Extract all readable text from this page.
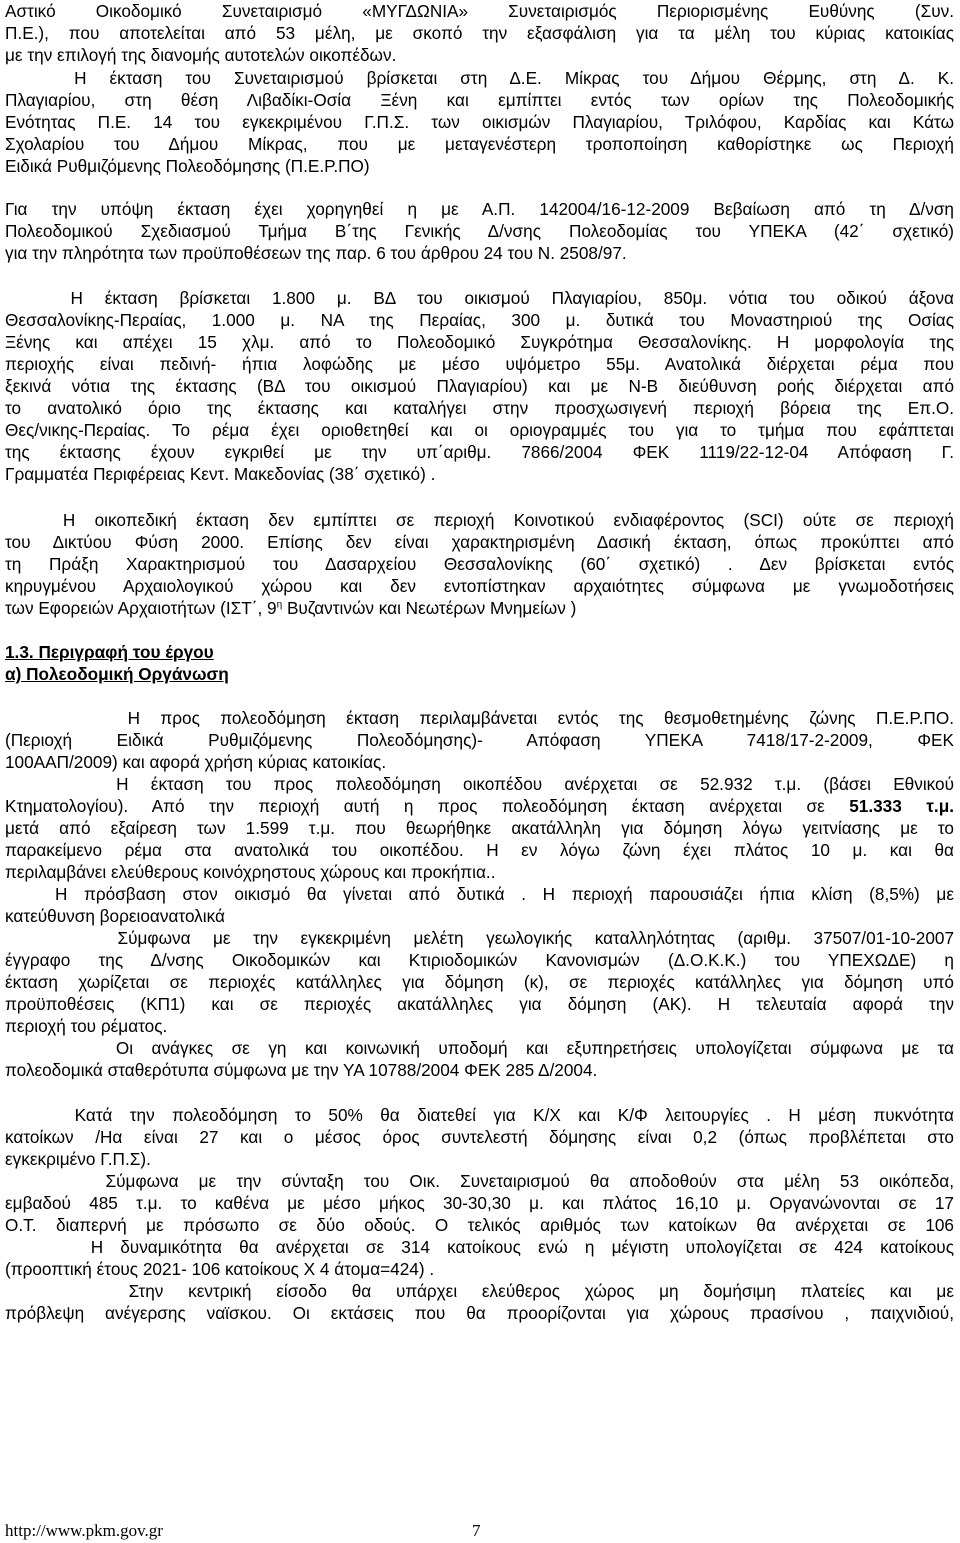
Αστικό Οικοδομικό Συνεταιρισμό «ΜΥΓΔΩΝΙΑ» Συνεταιρισμός Περιορισμένης Ευθύνης (Συν.
Π.Ε.), που αποτελείται από 53 μέλη, με σκοπό την εξασφάλιση για τα μέλη του κύριας κατοικίας
με την επιλογή της διανομής αυτοτελών οικοπέδων.
Η έκταση του Συνεταιρισμού βρίσκεται στη Δ.Ε. Μίκρας του Δήμου Θέρμης, στη Δ. Κ.
Πλαγιαρίου, στη θέση Λιβαδίκι-Οσία Ξένη και εμπίπτει εντός των ορίων της Πολεοδομικής
Ενότητας Π.Ε. 14 του εγκεκριμένου Γ.Π.Σ. των οικισμών Πλαγιαρίου, Τριλόφου, Καρδίας και Κάτω
Σχολαρίου του Δήμου Μίκρας, που με μεταγενέστερη τροποποίηση καθορίστηκε ως Περιοχή
Ειδικά Ρυθμιζόμενης Πολεοδόμησης (Π.Ε.Ρ.ΠΟ)
Για την υπόψη έκταση έχει χορηγηθεί η με Α.Π. 142004/16-12-2009 Βεβαίωση από τη Δ/νση
Πολεοδομικού Σχεδιασμού Τμήμα Β΄της Γενικής Δ/νσης Πολεοδομίας του ΥΠΕΚΑ (42΄ σχετικό)
για την πληρότητα των προϋποθέσεων της παρ. 6 του άρθρου 24 του Ν. 2508/97.
Η έκταση βρίσκεται 1.800 μ. ΒΔ του οικισμού Πλαγιαρίου, 850μ. νότια του οδικού άξονα
Θεσσαλονίκης-Περαίας, 1.000 μ. ΝΑ της Περαίας, 300 μ. δυτικά του Μοναστηριού της Οσίας
Ξένης και απέχει 15 χλμ. από το Πολεοδομικό Συγκρότημα Θεσσαλονίκης. Η μορφολογία της
περιοχής είναι πεδινή- ήπια λοφώδης με μέσο υψόμετρο 55μ. Ανατολικά διέρχεται ρέμα που
ξεκινά νότια της έκτασης (ΒΔ του οικισμού Πλαγιαρίου) και με Ν-Β διεύθυνση ροής διέρχεται από
το ανατολικό όριο της έκτασης και καταλήγει στην προσχωσιγενή περιοχή βόρεια της Επ.Ο.
Θες/νικης-Περαίας. Το ρέμα έχει οριοθετηθεί και οι οριογραμμές του για το τμήμα που εφάπτεται
της έκτασης έχουν εγκριθεί με την υπ΄αριθμ. 7866/2004 ΦΕΚ 1119/22-12-04 Απόφαση Γ.
Γραμματέα Περιφέρειας Κεντ. Μακεδονίας (38΄ σχετικό) .
Η οικοπεδική έκταση δεν εμπίπτει σε περιοχή Κοινοτικού ενδιαφέροντος (SCI) ούτε σε περιοχή
του Δικτύου Φύση 2000. Επίσης δεν είναι χαρακτηρισμένη Δασική έκταση, όπως προκύπτει από
τη Πράξη Χαρακτηρισμού του Δασαρχείου Θεσσαλονίκης (60΄ σχετικό) . Δεν βρίσκεται εντός
κηρυγμένου Αρχαιολογικού χώρου και δεν εντοπίστηκαν αρχαιότητες σύμφωνα με γνωμοδοτήσεις
των Εφορειών Αρχαιοτήτων (ΙΣΤ΄, $9^\eta$ Βυζαντινών και Νεωτέρων Μνημείων )
1.3. Περιγραφή του έργου
α) Πολεοδομική Οργάνωση
Η προς πολεοδόμηση έκταση περιλαμβάνεται εντός της θεσμοθετημένης ζώνης Π.Ε.Ρ.ΠΟ.
(Περιοχή Ειδικά Ρυθμιζόμενης Πολεοδόμησης)- Απόφαση ΥΠΕΚΑ 7418/17-2-2009, ΦΕΚ
100ΑΑΠ/2009) και αφορά χρήση κύριας κατοικίας.
Η έκταση του προς πολεοδόμηση οικοπέδου ανέρχεται σε 52.932 τ.μ. (βάσει Εθνικού
Κτηματολογίου). Από την περιοχή αυτή η προς πολεοδόμηση έκταση ανέρχεται σε 51.333 τ.μ.
μετά από εξαίρεση των 1.599 τ.μ. που θεωρήθηκε ακατάλληλη για δόμηση λόγω γειτνίασης με το
παρακείμενο ρέμα στα ανατολικά του οικοπέδου. Η εν λόγω ζώνη έχει πλάτος 10 μ. και θα
περιλαμβάνει ελεύθερους κοινόχρηστους χώρους και προκήπια..
Η πρόσβαση στον οικισμό θα γίνεται από δυτικά . Η περιοχή παρουσιάζει ήπια κλίση (8,5%) με
κατεύθυνση βορειοανατολικά
Σύμφωνα με την εγκεκριμένη μελέτη γεωλογικής καταλληλότητας (αριθμ. 37507/01-10-2007
έγγραφο της Δ/νσης Οικοδομικών και Κτιριοδομικών Κανονισμών (Δ.Ο.Κ.Κ.) του ΥΠΕΧΩΔΕ) η
έκταση χωρίζεται σε περιοχές κατάλληλες για δόμηση (κ), σε περιοχές κατάλληλες για δόμηση υπό
προϋποθέσεις (ΚΠ1) και σε περιοχές ακατάλληλες για δόμηση (ΑΚ). Η τελευταία αφορά την
περιοχή του ρέματος.
Οι ανάγκες σε γη και κοινωνική υποδομή και εξυπηρετήσεις υπολογίζεται σύμφωνα με τα
πολεοδομικά σταθερότυπα σύμφωνα με την ΥΑ 10788/2004 ΦΕΚ 285 Δ/2004.
Κατά την πολεοδόμηση το 50% θα διατεθεί για Κ/Χ και Κ/Φ λειτουργίες . Η μέση πυκνότητα
κατοίκων /Ηα είναι 27 και ο μέσος όρος συντελεστή δόμησης είναι 0,2 (όπως προβλέπεται στο
εγκεκριμένο Γ.Π.Σ).
Σύμφωνα με την σύνταξη του Οικ. Συνεταιρισμού θα αποδοθούν στα μέλη 53 οικόπεδα,
εμβαδού 485 τ.μ. το καθένα με μέσο μήκος 30-30,30 μ. και πλάτος 16,10 μ. Οργανώνονται σε 17
Ο.Τ. διαπερνή με πρόσωπο σε δύο οδούς. Ο τελικός αριθμός των κατοίκων θα ανέρχεται σε 106
Η δυναμικότητα θα ανέρχεται σε 314 κατοίκους ενώ η μέγιστη υπολογίζεται σε 424 κατοίκους
(προοπτική έτους 2021- 106 κατοίκους Χ 4 άτομα=424) .
Στην κεντρική είσοδο θα υπάρχει ελεύθερος χώρος μη δομήσιμη πλατείες και με
πρόβλεψη ανέγερσης ναϊσκου. Οι εκτάσεις που θα προορίζονται για χώρους πρασίνου , παιχνιδιού,
http://www.pkm.gov.gr	7
